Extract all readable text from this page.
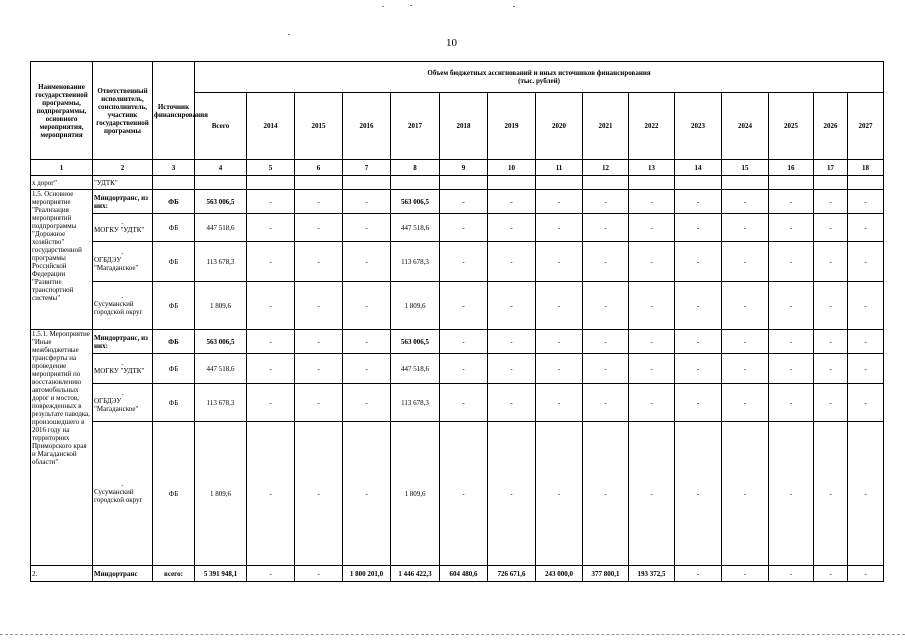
10
Наименование государственной программы, подпрограммы, основного мероприятия, мероприятия	Ответственный исполнитель, соисполнитель, участник государственной программы	Источник финансирования	Объем бюджетных ассигнований и иных источников финансирования
(тыс. рублей)														
			Всего	2014	2015	2016	2017	2018	2019	2020	2021	2022	2023	2024	2025	2026	2027
1	2	3	4	5	6	7	8	9	10	11	12	13	14	15	16	17	18
х дорог"	"УДТК"																
1.5. Основное мероприятие "Реализация мероприятий подпрограммы "Дорожное хозяйство" государственной программы Российской Федерации "Развитие транспортной системы"	Миндортранс, из них:	ФБ	563 006,5	-	-	-	563 006,5	-	-	-	-	-	-	-	-	-	-

	-
МОГКУ "УДТК"	ФБ	447 518,6	-	-	-	447 518,6	-	-	-	-	-	-	-	-	-	-

	-
ОГБДЭУ "Магаданское"	ФБ	113 678,3	-	-	-	113 678,3	-	-	-	-	-	-	-	-	-	-

	-
Сусуманский городской округ	ФБ	1 809,6	-	-	-	1 809,6	-	-	-	-	-	-	-	-	-	-
1.5.1. Мероприятие "Иные межбюджетные трансферты на проведение мероприятий по восстановлению автомобильных дорог и мостов, поврежденных в результате паводка, произошедшего в 2016 году на территориях Приморского края и Магаданской области"	Миндортранс, из них:	ФБ	563 006,5	-	-	-	563 006,5	-	-	-	-	-	-	-	-	-	-

	-
МОГКУ "УДТК"	ФБ	447 518,6	-	-	-	447 518,6	-	-	-	-	-	-	-	-	-	-

	-
ОГБДЭУ "Магаданское"	ФБ	113 678,3	-	-	-	113 678,3	-	-	-	-	-	-	-	-	-	-

	-
Сусуманский городской округ	ФБ	1 809,6	-	-	-	1 809,6	-	-	-	-	-	-	-	-	-	-
2.	Миндортранс	всего:	5 391 948,1	-	-	1 800 201,0	1 446 422,3	604 480,6	726 671,6	243 000,0	377 800,1	193 372,5	-	-	-	-	-
